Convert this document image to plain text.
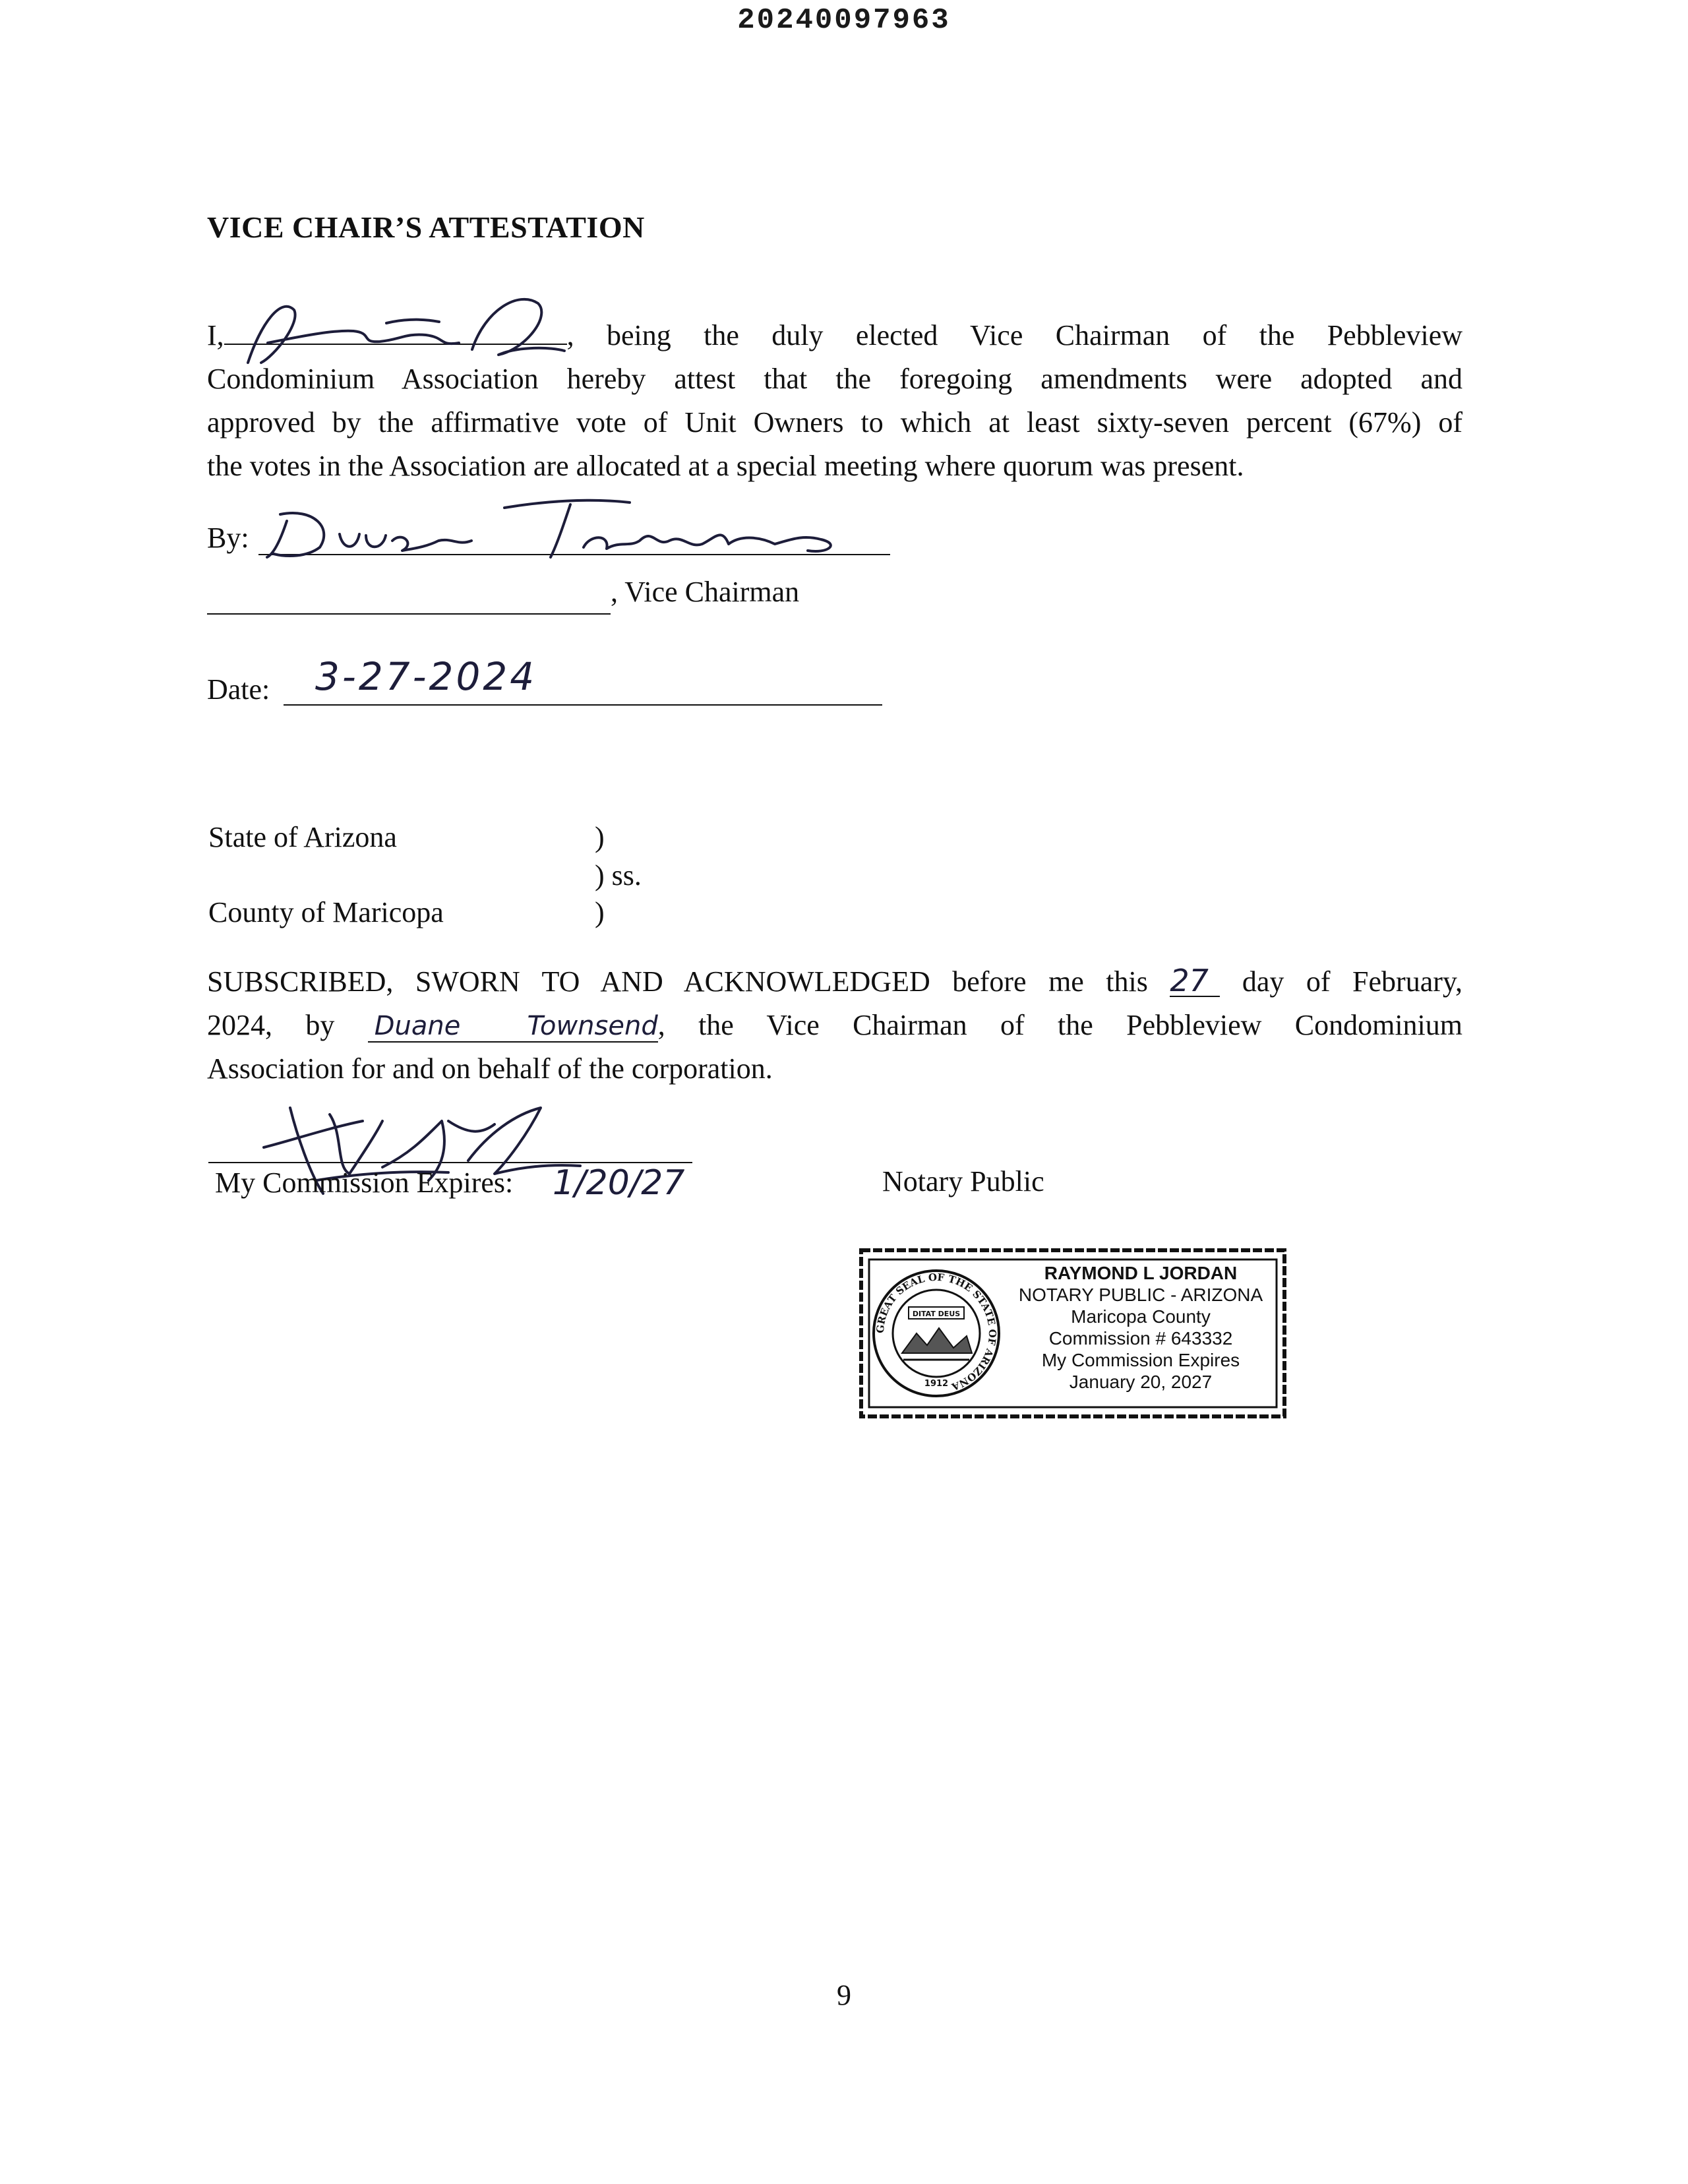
20240097963
VICE CHAIR’S ATTESTATION

I,	, being the duly elected Vice Chairman of the Pebbleview

Condominium Association hereby attest that the foregoing amendments were adopted and

approved by the affirmative vote of Unit Owners to which at least sixty-seven percent (67%) of

the votes in the Association are allocated at a special meeting where quorum was present.

By:
, Vice Chairman
Date: 3-27-2024
State of Arizona	)
) ss.
County of Maricopa	)

SUBSCRIBED, SWORN TO AND ACKNOWLEDGED before me this 27 day of February,

2024, by Duane Townsend, the Vice Chairman of the Pebbleview Condominium

Association for and on behalf of the corporation.

My Commission Expires: 1/20/27	Notary Public
GREAT SEAL OF THE STATE OF ARIZONA
DITAT DEUS
1912
RAYMOND L JORDAN
NOTARY PUBLIC - ARIZONA
Maricopa County
Commission # 643332
My Commission Expires
January 20, 2027
9
